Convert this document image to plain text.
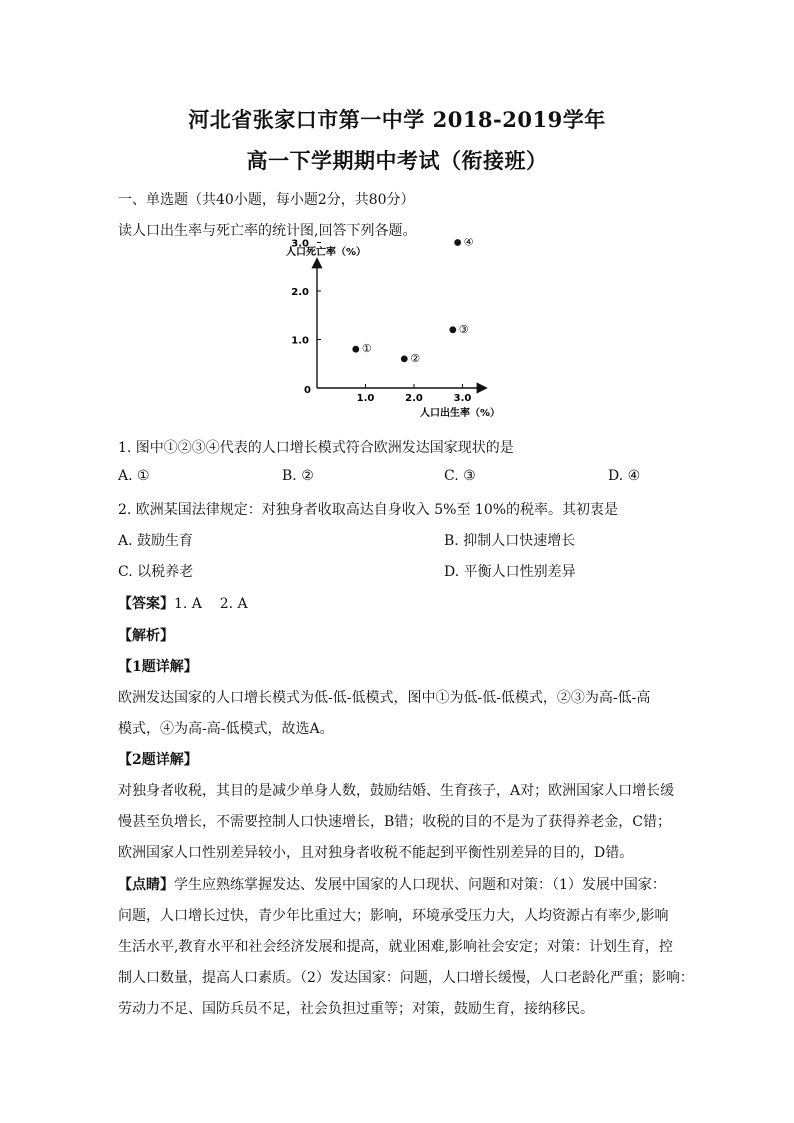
河北省张家口市第一中学 2018-2019学年
高一下学期期中考试（衔接班）
一、单选题（共40小题，每小题2分，共80分）
读人口出生率与死亡率的统计图,回答下列各题。
人口死亡率（%）
0
1.0	2.0	3.0
1.0
2.0
3.0
①
②
③
④
人口出生率（%）
1. 图中①②③④代表的人口增长模式符合欧洲发达国家现状的是
A. ①	B. ②	C. ③	D. ④
2. 欧洲某国法律规定：对独身者收取高达自身收入 5%至 10%的税率。其初衷是
A. 鼓励生育	B. 抑制人口快速增长
C. 以税养老	D. 平衡人口性别差异
【答案】1. A    2. A
【解析】
【1题详解】
欧洲发达国家的人口增长模式为低-低-低模式，图中①为低-低-低模式，②③为高-低-高
模式，④为高-高-低模式，故选A。
【2题详解】
对独身者收税，其目的是减少单身人数，鼓励结婚、生育孩子，A对；欧洲国家人口增长缓
慢甚至负增长，不需要控制人口快速增长，B错；收税的目的不是为了获得养老金，C错；
欧洲国家人口性别差异较小，且对独身者收税不能起到平衡性别差异的目的，D错。
【点睛】学生应熟练掌握发达、发展中国家的人口现状、问题和对策：（1）发展中国家：
问题，人口增长过快，青少年比重过大；影响，环境承受压力大，人均资源占有率少,影响
生活水平,教育水平和社会经济发展和提高，就业困难,影响社会安定；对策：计划生育，控
制人口数量，提高人口素质。（2）发达国家：问题，人口增长缓慢，人口老龄化严重；影响：
劳动力不足、国防兵员不足，社会负担过重等；对策，鼓励生育，接纳移民。
